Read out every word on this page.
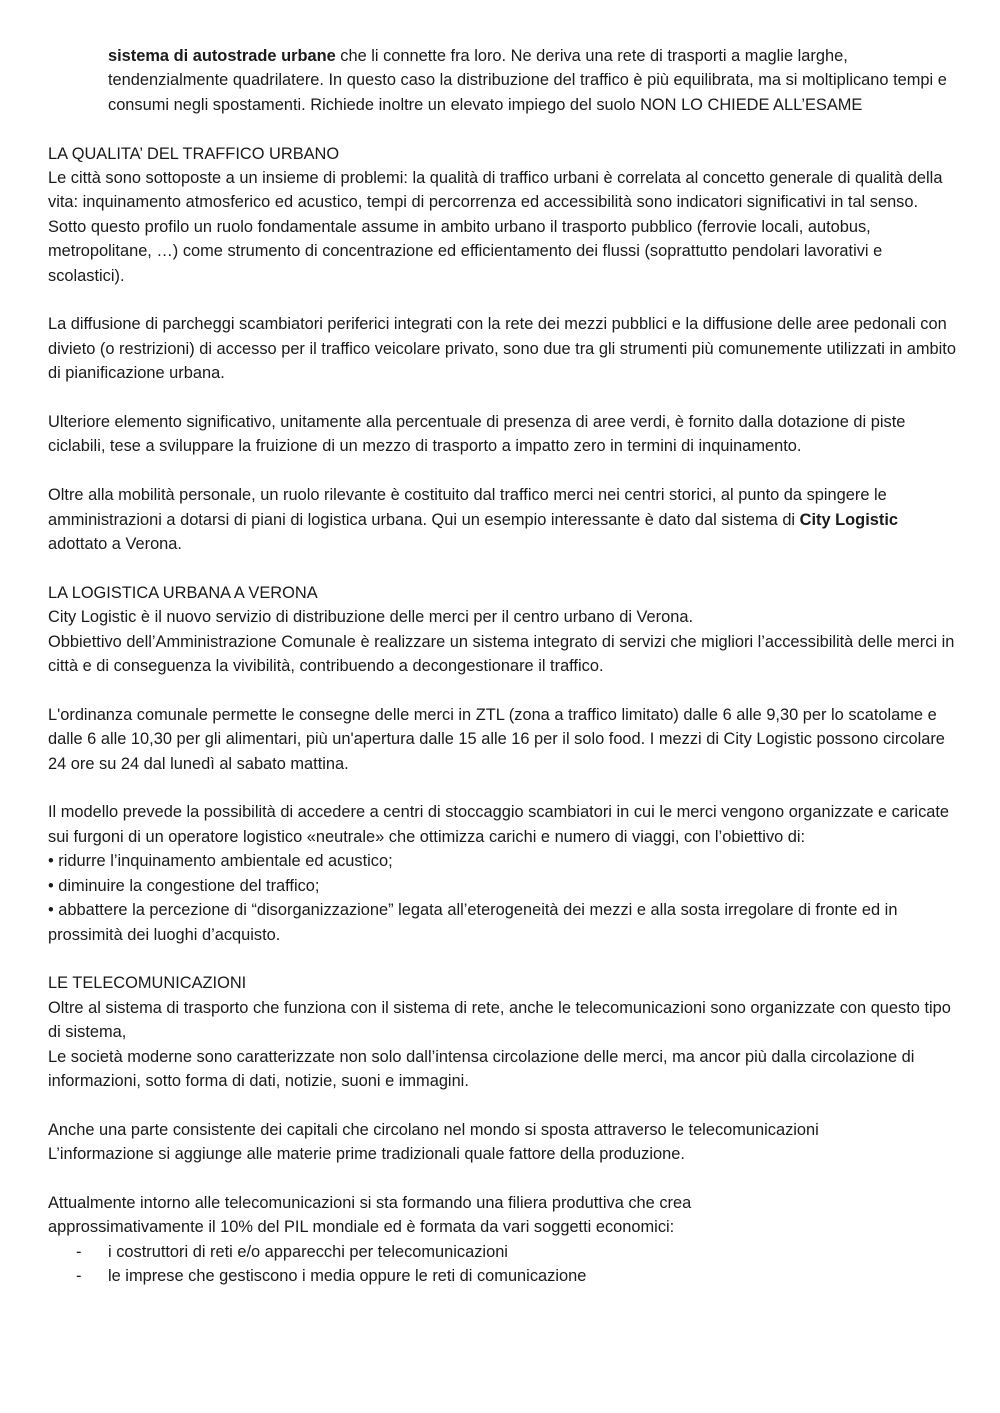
sistema di autostrade urbane che li connette fra loro. Ne deriva una rete di trasporti a maglie larghe, tendenzialmente quadrilatere. In questo caso la distribuzione del traffico è più equilibrata, ma si moltiplicano tempi e consumi negli spostamenti. Richiede inoltre un elevato impiego del suolo NON LO CHIEDE ALL’ESAME

LA QUALITA’ DEL TRAFFICO URBANO

Le città sono sottoposte a un insieme di problemi: la qualità di traffico urbani è correlata al concetto generale di qualità della vita: inquinamento atmosferico ed acustico, tempi di percorrenza ed accessibilità sono indicatori significativi in tal senso. Sotto questo profilo un ruolo fondamentale assume in ambito urbano il trasporto pubblico (ferrovie locali, autobus, metropolitane, …) come strumento di concentrazione ed efficientamento dei flussi (soprattutto pendolari lavorativi e scolastici).

La diffusione di parcheggi scambiatori periferici integrati con la rete dei mezzi pubblici e la diffusione delle aree pedonali con divieto (o restrizioni) di accesso per il traffico veicolare privato, sono due tra gli strumenti più comunemente utilizzati in ambito di pianificazione urbana.

Ulteriore elemento significativo, unitamente alla percentuale di presenza di aree verdi, è fornito dalla dotazione di piste ciclabili, tese a sviluppare la fruizione di un mezzo di trasporto a impatto zero in termini di inquinamento.

Oltre alla mobilità personale, un ruolo rilevante è costituito dal traffico merci nei centri storici, al punto da spingere le amministrazioni a dotarsi di piani di logistica urbana. Qui un esempio interessante è dato dal sistema di City Logistic adottato a Verona.

LA LOGISTICA URBANA A VERONA

City Logistic è il nuovo servizio di distribuzione delle merci per il centro urbano di Verona.

Obbiettivo dell’Amministrazione Comunale è realizzare un sistema integrato di servizi che migliori l’accessibilità delle merci in città e di conseguenza la vivibilità, contribuendo a decongestionare il traffico.

L'ordinanza comunale permette le consegne delle merci in ZTL (zona a traffico limitato) dalle 6 alle 9,30 per lo scatolame e dalle 6 alle 10,30 per gli alimentari, più un'apertura dalle 15 alle 16 per il solo food. I mezzi di City Logistic possono circolare 24 ore su 24 dal lunedì al sabato mattina.

Il modello prevede la possibilità di accedere a centri di stoccaggio scambiatori in cui le merci vengono organizzate e caricate sui furgoni di un operatore logistico «neutrale» che ottimizza carichi e numero di viaggi, con l’obiettivo di:

• ridurre l’inquinamento ambientale ed acustico;
• diminuire la congestione del traffico;
• abbattere la percezione di “disorganizzazione” legata all’eterogeneità dei mezzi e alla sosta irregolare di fronte ed in prossimità dei luoghi d’acquisto.

LE TELECOMUNICAZIONI

Oltre al sistema di trasporto che funziona con il sistema di rete, anche le telecomunicazioni sono organizzate con questo tipo di sistema,

Le società moderne sono caratterizzate non solo dall’intensa circolazione delle merci, ma ancor più dalla circolazione di informazioni, sotto forma di dati, notizie, suoni e immagini.

Anche una parte consistente dei capitali che circolano nel mondo si sposta attraverso le telecomunicazioni

L’informazione si aggiunge alle materie prime tradizionali quale fattore della produzione.

Attualmente intorno alle telecomunicazioni si sta formando una filiera produttiva che crea

approssimativamente il 10% del PIL mondiale ed è formata da vari soggetti economici:

- i costruttori di reti e/o apparecchi per telecomunicazioni
- le imprese che gestiscono i media oppure le reti di comunicazione
